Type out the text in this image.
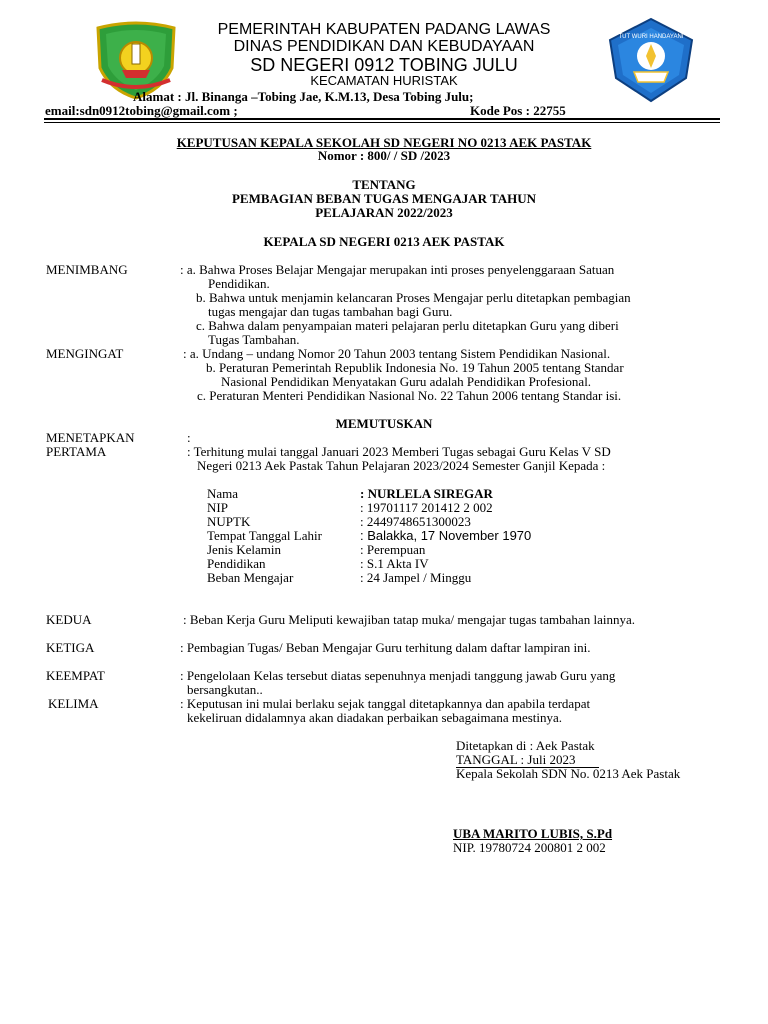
TUT WURI HANDAYANI
PEMERINTAH KABUPATEN PADANG LAWAS
DINAS PENDIDIKAN DAN KEBUDAYAAN
SD NEGERI 0912 TOBING JULU
KECAMATAN HURISTAK
Alamat : Jl. Binanga –Tobing Jae, K.M.13, Desa Tobing Julu;
email:sdn0912tobing@gmail.com ;	Kode Pos : 22755
KEPUTUSAN KEPALA SEKOLAH SD NEGERI NO 0213 AEK PASTAK
Nomor : 800/ / SD /2023
TENTANG
PEMBAGIAN BEBAN TUGAS MENGAJAR TAHUN
PELAJARAN 2022/2023
KEPALA SD NEGERI 0213 AEK PASTAK
MENIMBANG	: a. Bahwa Proses Belajar Mengajar merupakan inti proses penyelenggaraan Satuan
Pendidikan.
b. Bahwa untuk menjamin kelancaran Proses Mengajar perlu ditetapkan pembagian
tugas mengajar dan tugas tambahan bagi Guru.
c. Bahwa dalam penyampaian materi pelajaran perlu ditetapkan Guru yang diberi
Tugas Tambahan.
MENGINGAT	: a. Undang – undang Nomor 20 Tahun 2003 tentang Sistem Pendidikan Nasional.
b. Peraturan Pemerintah Republik Indonesia No. 19 Tahun 2005 tentang Standar
Nasional Pendidikan Menyatakan Guru adalah Pendidikan Profesional.
c. Peraturan Menteri Pendidikan Nasional No. 22 Tahun 2006 tentang Standar isi.
MEMUTUSKAN
MENETAPKAN	:
PERTAMA	: Terhitung mulai tanggal Januari 2023 Memberi Tugas sebagai Guru Kelas V SD
Negeri 0213 Aek Pastak Tahun Pelajaran 2023/2024 Semester Ganjil Kepada :
Nama	: NURLELA SIREGAR
NIP	: 19701117 201412 2 002
NUPTK	: 2449748651300023
Tempat Tanggal Lahir	: Balakka, 17 November 1970
Jenis Kelamin	: Perempuan
Pendidikan	: S.1 Akta IV
Beban Mengajar	: 24 Jampel / Minggu
KEDUA	: Beban Kerja Guru Meliputi kewajiban tatap muka/ mengajar tugas tambahan lainnya.
KETIGA	: Pembagian Tugas/ Beban Mengajar Guru terhitung dalam daftar lampiran ini.
KEEMPAT	: Pengelolaan Kelas tersebut diatas sepenuhnya menjadi tanggung jawab Guru yang
bersangkutan..
KELIMA	: Keputusan ini mulai berlaku sejak tanggal ditetapkannya dan apabila terdapat
kekeliruan didalamnya akan diadakan perbaikan sebagaimana mestinya.
Ditetapkan di : Aek Pastak
TANGGAL : Juli 2023
Kepala Sekolah SDN No. 0213 Aek Pastak
UBA MARITO LUBIS, S.Pd
NIP. 19780724 200801 2 002
